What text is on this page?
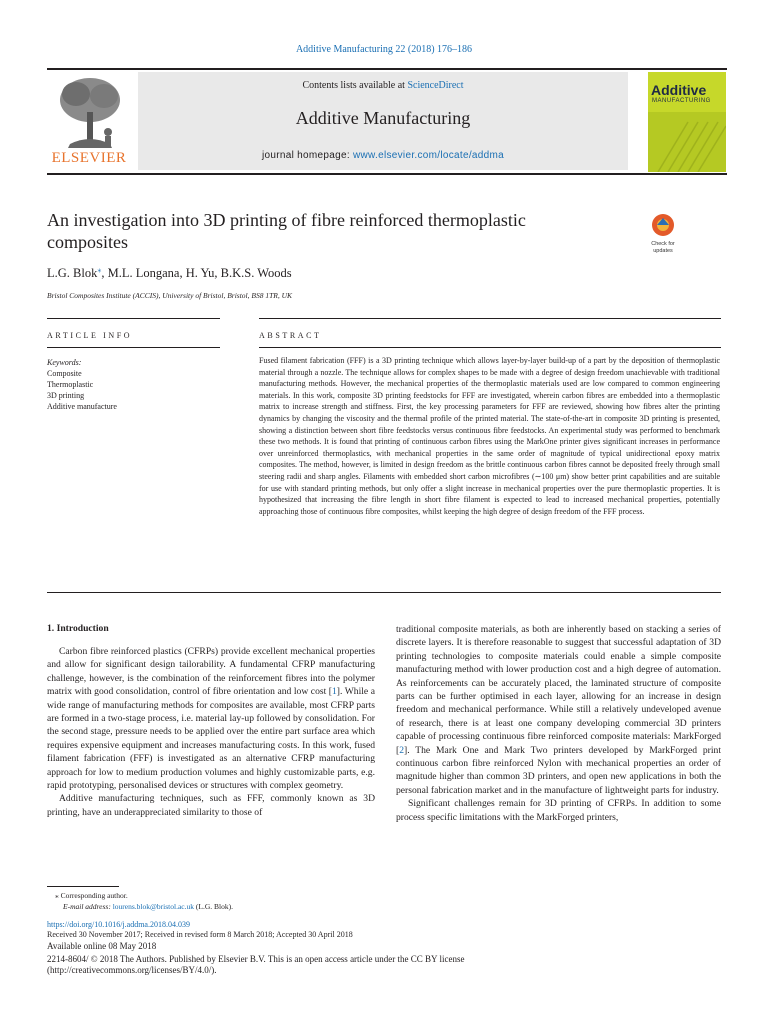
Additive Manufacturing 22 (2018) 176–186
Contents lists available at ScienceDirect
Additive Manufacturing
journal homepage: www.elsevier.com/locate/addma
ELSEVIER
Additive
MANUFACTURING
An investigation into 3D printing of fibre reinforced thermoplastic composites	Check for
updates
L.G. Blok⁎, M.L. Longana, H. Yu, B.K.S. Woods
Bristol Composites Institute (ACCIS), University of Bristol, Bristol, BS8 1TR, UK
ARTICLE INFO	ABSTRACT
Keywords:
Composite
Thermoplastic
3D printing
Additive manufacture
Fused filament fabrication (FFF) is a 3D printing technique which allows layer-by-layer build-up of a part by the deposition of thermoplastic material through a nozzle. The technique allows for complex shapes to be made with a degree of design freedom unachievable with traditional manufacturing methods. However, the mechanical properties of the thermoplastic materials used are low compared to common engineering materials. In this work, composite 3D printing feedstocks for FFF are investigated, wherein carbon fibres are embedded into a thermoplastic matrix to increase strength and stiffness. First, the key processing parameters for FFF are reviewed, showing how fibres alter the printing dynamics by changing the viscosity and the thermal profile of the printed material. The state-of-the-art in composite 3D printing is presented, showing a distinction between short fibre feedstocks versus continuous fibre feedstocks. An experimental study was performed to benchmark these two methods. It is found that printing of continuous carbon fibres using the MarkOne printer gives significant increases in performance over unreinforced thermoplastics, with mechanical properties in the same order of magnitude of typical unidirectional epoxy matrix composites. The method, however, is limited in design freedom as the brittle continuous carbon fibres cannot be deposited freely through small steering radii and sharp angles. Filaments with embedded short carbon microfibres (∼100 μm) show better print capabilities and are suitable for use with standard printing methods, but only offer a slight increase in mechanical properties over the pure thermoplastic properties. It is hypothesized that increasing the fibre length in short fibre filament is expected to lead to increased mechanical properties, potentially approaching those of continuous fibre composites, whilst keeping the high degree of design freedom of the FFF process.
1. Introduction

Carbon fibre reinforced plastics (CFRPs) provide excellent mechanical properties and allow for significant design tailorability. A fundamental CFRP manufacturing challenge, however, is the combination of the reinforcement fibres into the polymer matrix with good consolidation, control of fibre orientation and low cost [1]. While a wide range of manufacturing methods for composites are available, most CFRP parts are formed in a two-stage process, i.e. material lay-up followed by consolidation. For the second stage, pressure needs to be applied over the entire part surface area which requires expensive equipment and increases manufacturing costs. In this work, fused filament fabrication (FFF) is investigated as an alternative CFRP manufacturing approach for low to medium production volumes and highly customizable parts, e.g. rapid prototyping, personalised devices or structures with complex geometry.

Additive manufacturing techniques, such as FFF, commonly known as 3D printing, have an underappreciated similarity to those of

traditional composite materials, as both are inherently based on stacking a series of discrete layers. It is therefore reasonable to suggest that successful adaptation of 3D printing technologies to composite materials could enable a simple composite manufacturing method with lower production cost and a high degree of automation. As reinforcements can be accurately placed, the laminated structure of composite parts can be further optimised in each layer, allowing for an increase in design freedom and mechanical performance. While still a relatively undeveloped avenue of research, there is at least one company developing commercial 3D printers capable of processing continuous fibre reinforced composite materials: MarkForged [2]. The Mark One and Mark Two printers developed by MarkForged print continuous carbon fibre reinforced Nylon with mechanical properties an order of magnitude higher than common 3D printers, and open new applications in both the personal fabrication market and in the manufacture of lightweight parts for industry.

Significant challenges remain for 3D printing of CFRPs. In addition to some process specific limitations with the MarkForged printers,

⁎ Corresponding author.
E-mail address: lourens.blok@bristol.ac.uk (L.G. Blok).
https://doi.org/10.1016/j.addma.2018.04.039
Received 30 November 2017; Received in revised form 8 March 2018; Accepted 30 April 2018
Available online 08 May 2018
2214-8604/ © 2018 The Authors. Published by Elsevier B.V. This is an open access article under the CC BY license
(http://creativecommons.org/licenses/BY/4.0/).
